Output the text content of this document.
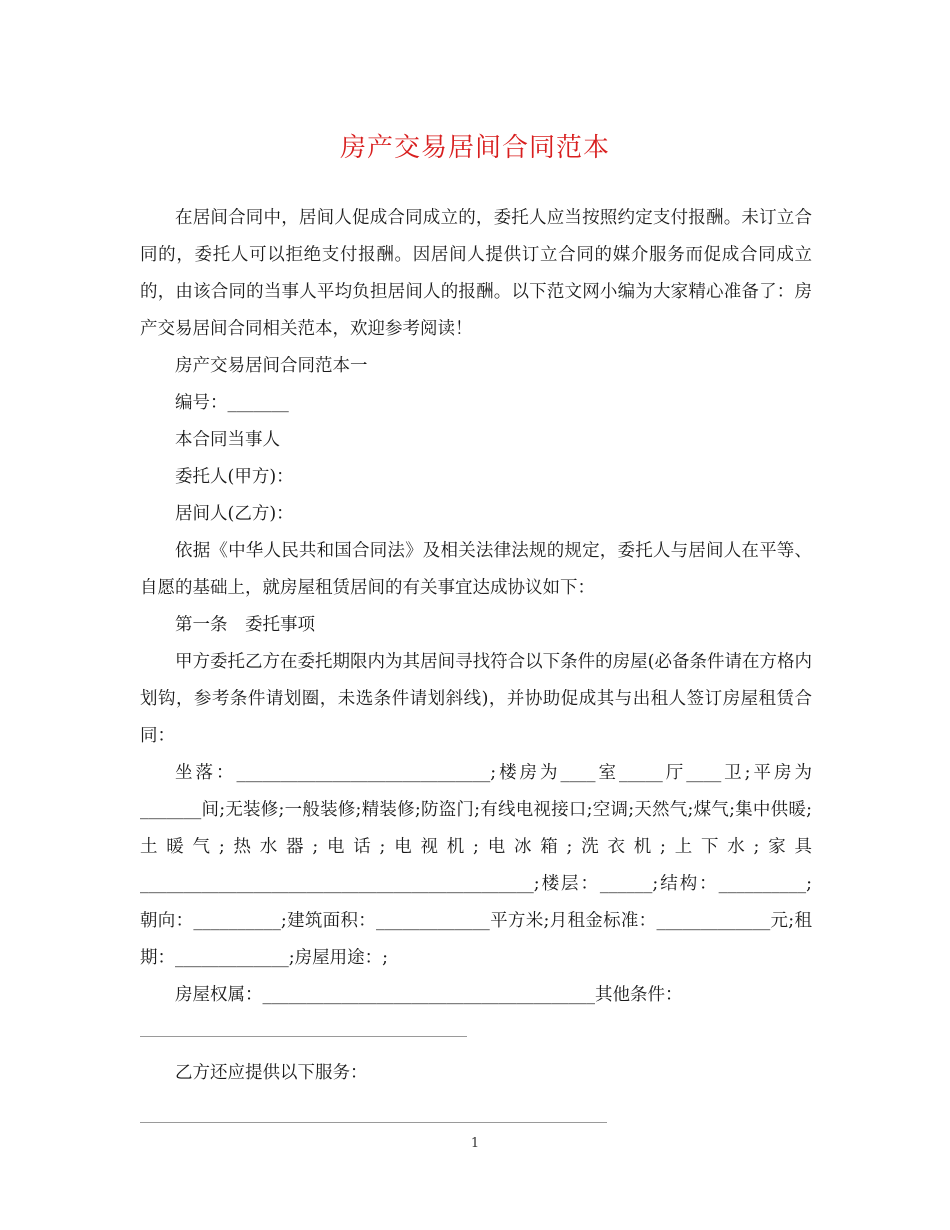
房产交易居间合同范本

在居间合同中，居间人促成合同成立的，委托人应当按照约定支付报酬。未订立合同的，委托人可以拒绝支付报酬。因居间人提供订立合同的媒介服务而促成合同成立的，由该合同的当事人平均负担居间人的报酬。以下范文网小编为大家精心准备了：房产交易居间合同相关范本，欢迎参考阅读！

房产交易居间合同范本一

编号：_______

本合同当事人

委托人(甲方)：

居间人(乙方)：

依据《中华人民共和国合同法》及相关法律法规的规定，委托人与居间人在平等、自愿的基础上，就房屋租赁居间的有关事宜达成协议如下：

第一条　委托事项

甲方委托乙方在委托期限内为其居间寻找符合以下条件的房屋(必备条件请在方格内划钩，参考条件请划圈，未选条件请划斜线)，并协助促成其与出租人签订房屋租赁合同：

坐落：_____________________________;楼房为____室_____厅____卫;平房为_______间;无装修;一般装修;精装修;防盗门;有线电视接口;空调;天然气;煤气;集中供暖;土暖气;热水器;电话;电视机;电冰箱;洗衣机;上下水;家具_____________________________________________;楼层：______;结构：__________;朝向：__________;建筑面积：_____________平方米;月租金标准：_____________元;租期：_____________;房屋用途：;

房屋权属：______________________________________其他条件：

乙方还应提供以下服务：

1
